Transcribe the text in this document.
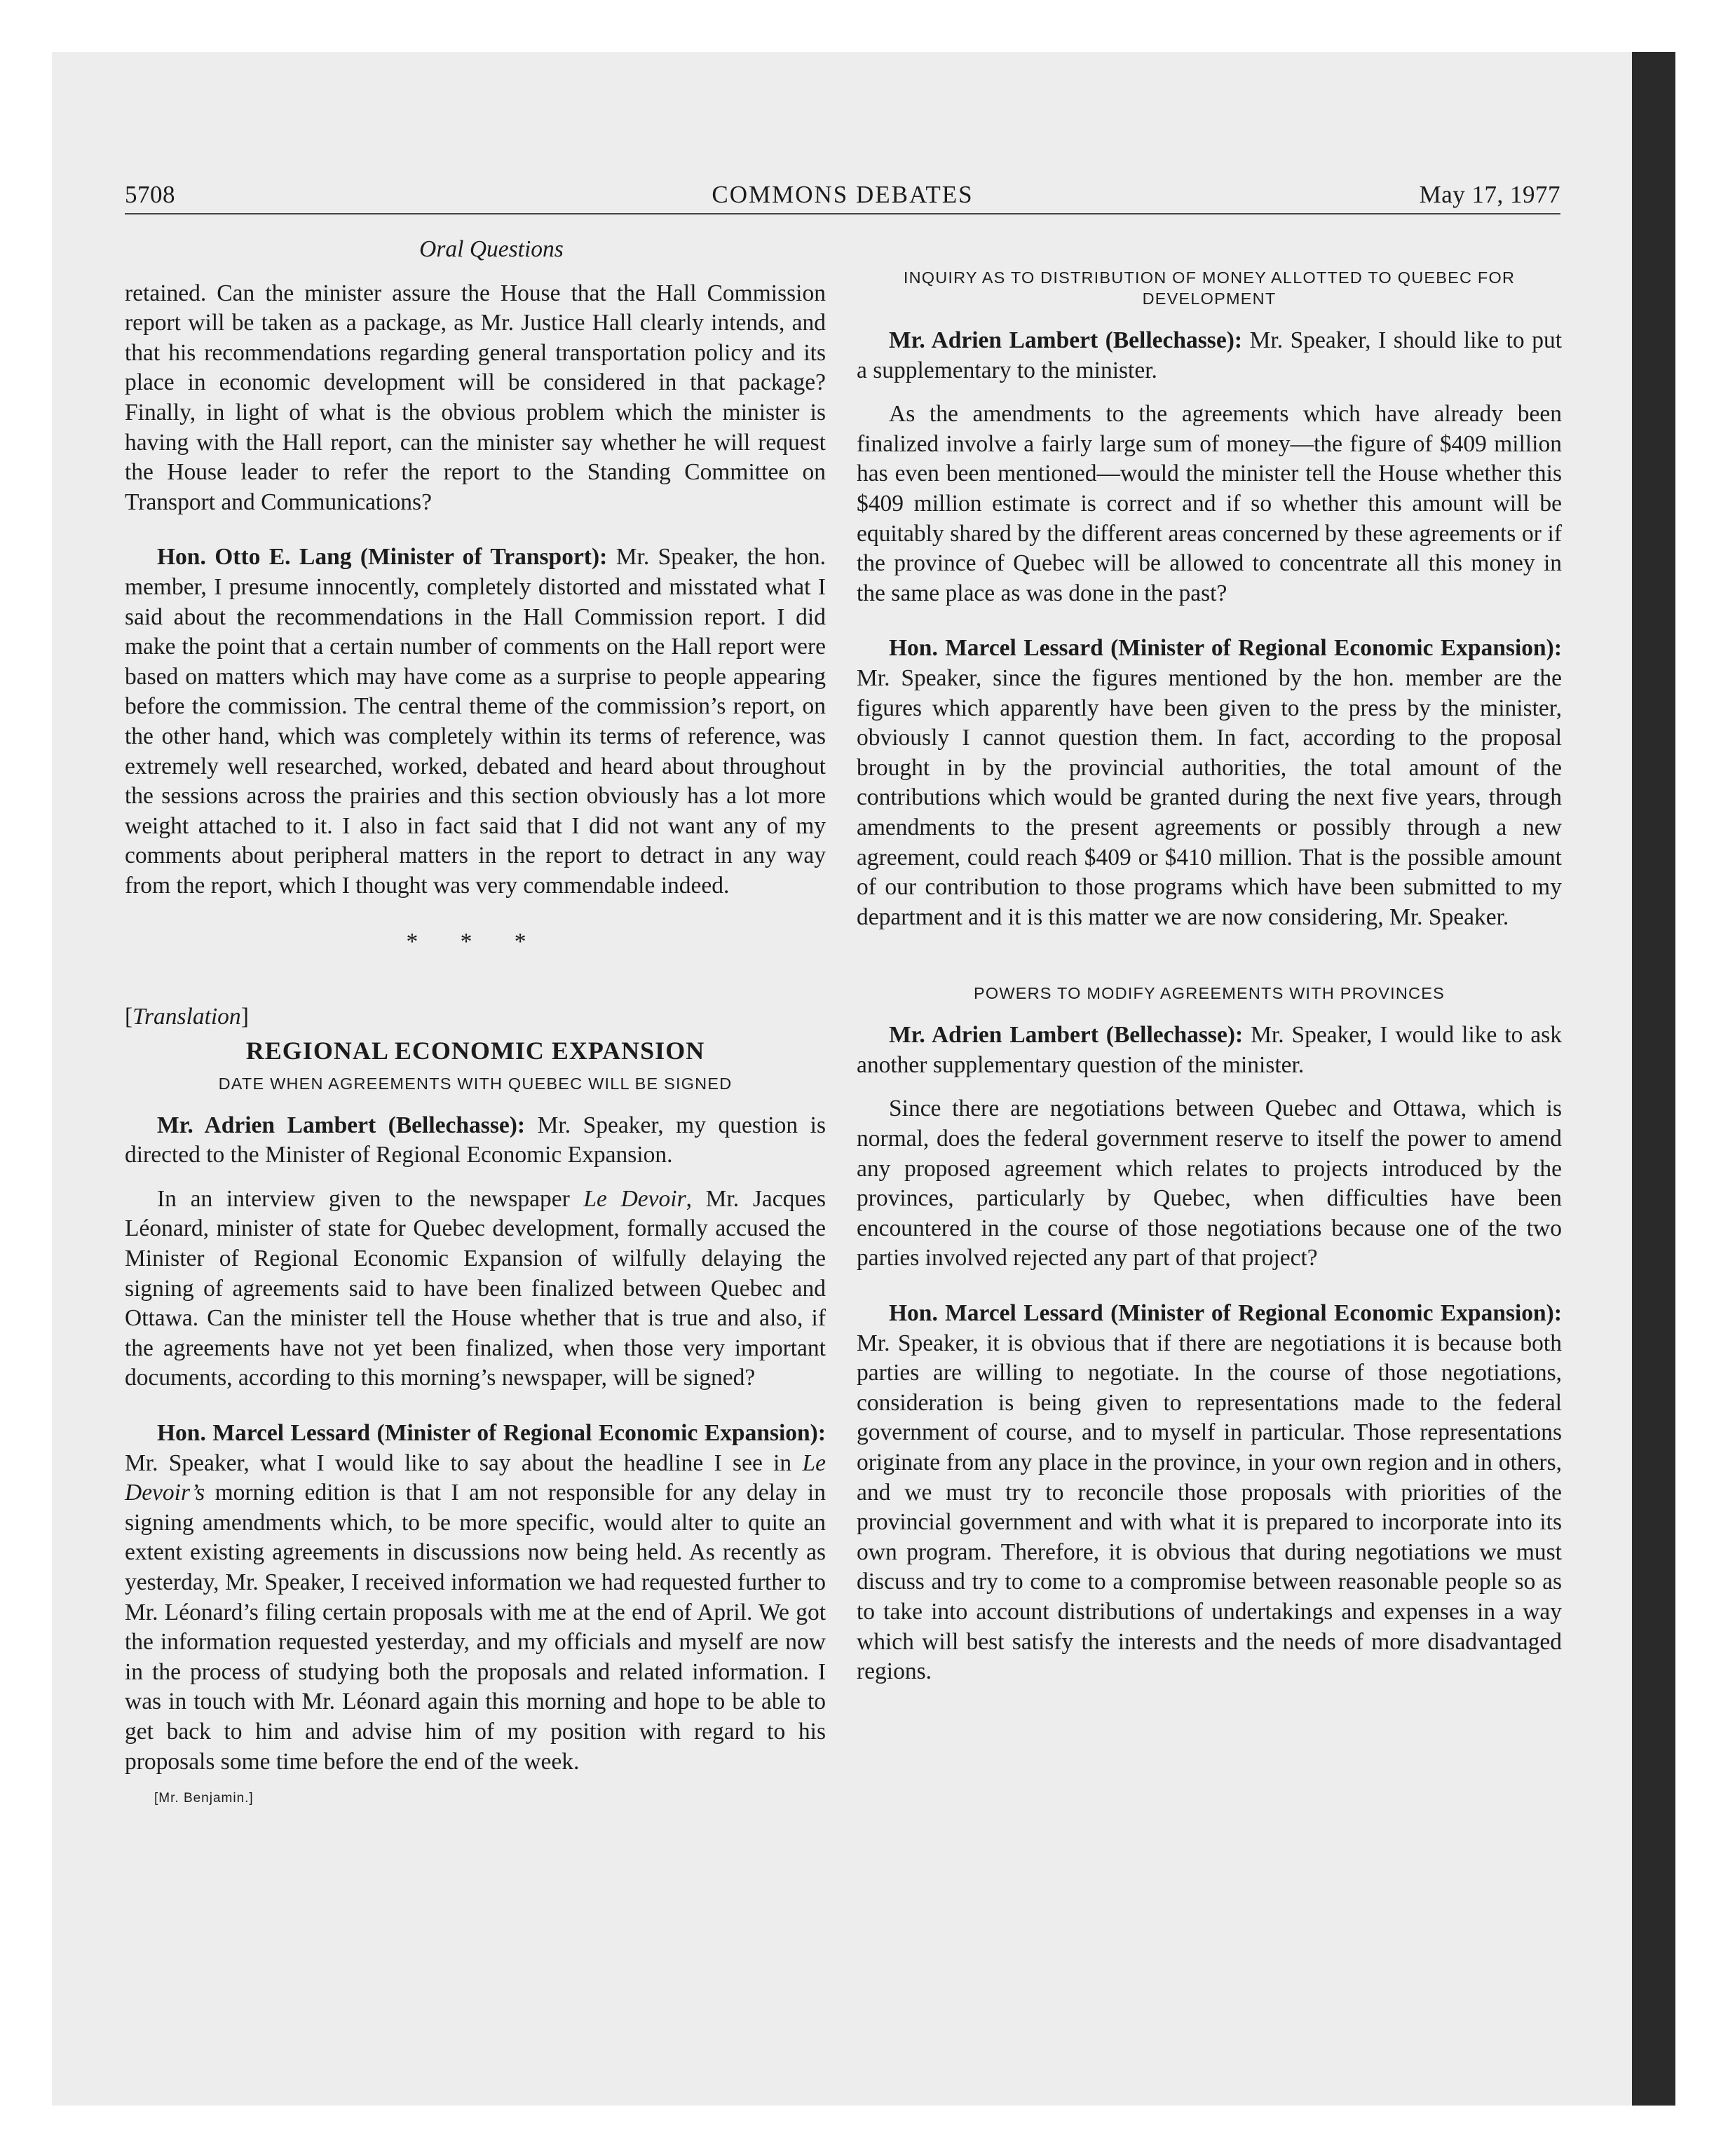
COMMONS DEBATES
5708	May 17, 1977

Oral Questions

retained. Can the minister assure the House that the Hall Commission report will be taken as a package, as Mr. Justice Hall clearly intends, and that his recommendations regarding general transportation policy and its place in economic development will be considered in that package? Finally, in light of what is the obvious problem which the minister is having with the Hall report, can the minister say whether he will request the House leader to refer the report to the Standing Committee on Transport and Communications?

Hon. Otto E. Lang (Minister of Transport): Mr. Speaker, the hon. member, I presume innocently, completely distorted and misstated what I said about the recommendations in the Hall Commission report. I did make the point that a certain number of comments on the Hall report were based on matters which may have come as a surprise to people appearing before the commission. The central theme of the commission’s report, on the other hand, which was completely within its terms of reference, was extremely well researched, worked, debated and heard about throughout the sessions across the prairies and this section obviously has a lot more weight attached to it. I also in fact said that I did not want any of my comments about peripheral matters in the report to detract in any way from the report, which I thought was very commendable indeed.

* * *

[Translation]

REGIONAL ECONOMIC EXPANSION
DATE WHEN AGREEMENTS WITH QUEBEC WILL BE SIGNED

Mr. Adrien Lambert (Bellechasse): Mr. Speaker, my question is directed to the Minister of Regional Economic Expansion.

In an interview given to the newspaper Le Devoir, Mr. Jacques Léonard, minister of state for Quebec development, formally accused the Minister of Regional Economic Expansion of wilfully delaying the signing of agreements said to have been finalized between Quebec and Ottawa. Can the minister tell the House whether that is true and also, if the agreements have not yet been finalized, when those very important documents, according to this morning’s newspaper, will be signed?

Hon. Marcel Lessard (Minister of Regional Economic Expansion): Mr. Speaker, what I would like to say about the headline I see in Le Devoir’s morning edition is that I am not responsible for any delay in signing amendments which, to be more specific, would alter to quite an extent existing agreements in discussions now being held. As recently as yesterday, Mr. Speaker, I received information we had requested further to Mr. Léonard’s filing certain proposals with me at the end of April. We got the information requested yesterday, and my officials and myself are now in the process of studying both the proposals and related information. I was in touch with Mr. Léonard again this morning and hope to be able to get back to him and advise him of my position with regard to his proposals some time before the end of the week.

[Mr. Benjamin.]
INQUIRY AS TO DISTRIBUTION OF MONEY ALLOTTED TO QUEBEC FOR DEVELOPMENT

Mr. Adrien Lambert (Bellechasse): Mr. Speaker, I should like to put a supplementary to the minister.

As the amendments to the agreements which have already been finalized involve a fairly large sum of money—the figure of $409 million has even been mentioned—would the minister tell the House whether this $409 million estimate is correct and if so whether this amount will be equitably shared by the different areas concerned by these agreements or if the province of Quebec will be allowed to concentrate all this money in the same place as was done in the past?

Hon. Marcel Lessard (Minister of Regional Economic Expansion): Mr. Speaker, since the figures mentioned by the hon. member are the figures which apparently have been given to the press by the minister, obviously I cannot question them. In fact, according to the proposal brought in by the provincial authorities, the total amount of the contributions which would be granted during the next five years, through amendments to the present agreements or possibly through a new agreement, could reach $409 or $410 million. That is the possible amount of our contribution to those programs which have been submitted to my department and it is this matter we are now considering, Mr. Speaker.

POWERS TO MODIFY AGREEMENTS WITH PROVINCES

Mr. Adrien Lambert (Bellechasse): Mr. Speaker, I would like to ask another supplementary question of the minister.

Since there are negotiations between Quebec and Ottawa, which is normal, does the federal government reserve to itself the power to amend any proposed agreement which relates to projects introduced by the provinces, particularly by Quebec, when difficulties have been encountered in the course of those negotiations because one of the two parties involved rejected any part of that project?

Hon. Marcel Lessard (Minister of Regional Economic Expansion): Mr. Speaker, it is obvious that if there are negotiations it is because both parties are willing to negotiate. In the course of those negotiations, consideration is being given to representations made to the federal government of course, and to myself in particular. Those representations originate from any place in the province, in your own region and in others, and we must try to reconcile those proposals with priorities of the provincial government and with what it is prepared to incorporate into its own program. Therefore, it is obvious that during negotiations we must discuss and try to come to a compromise between reasonable people so as to take into account distributions of undertakings and expenses in a way which will best satisfy the interests and the needs of more disadvantaged regions.
